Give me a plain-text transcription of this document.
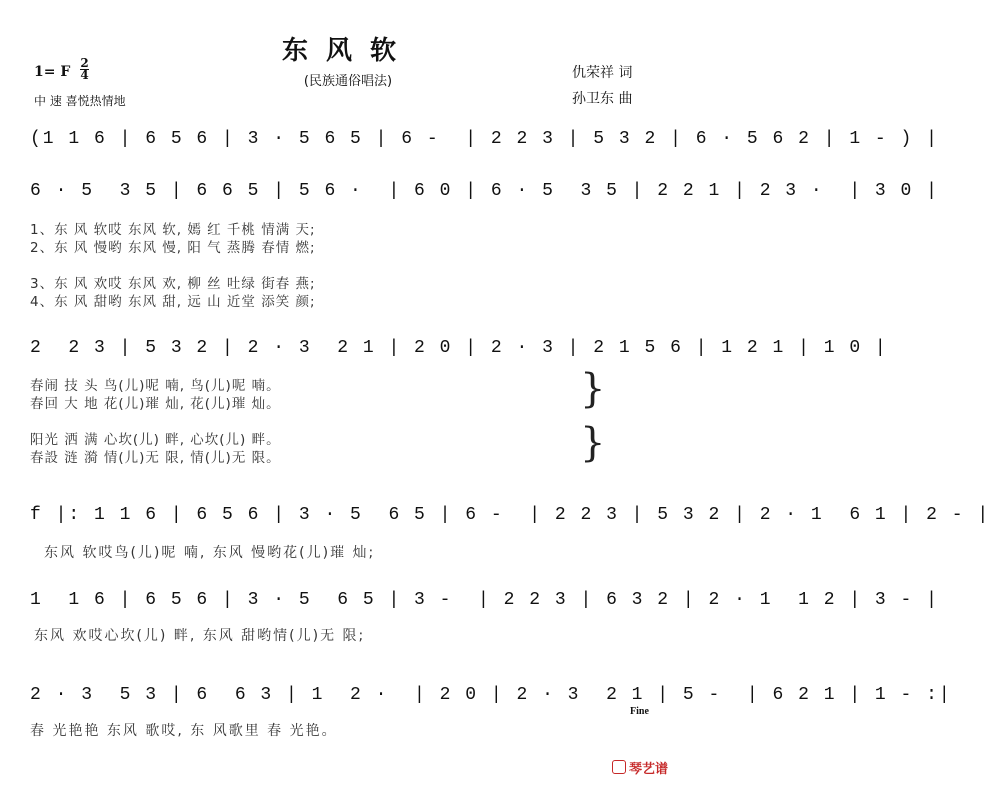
东风软
(民族通俗唱法)
1= F
2
4
中 速 喜悦热情地
仇荣祥 词
孙卫东 曲
(1 1 6 | 6 5 6 | 3 · 5 6 5 | 6 -  | 2 2 3 | 5 3 2 | 6 · 5 6 2 | 1 - ) |
6 · 5  3 5 | 6 6 5 | 5 6 ·  | 6 0 | 6 · 5  3 5 | 2 2 1 | 2 3 ·  | 3 0 |
1、东 风 软哎 东风 软, 嫣 红 千桃 情满 天;
2、东 风 慢哟 东风 慢, 阳 气 蒸腾 春情 燃;
3、东 风 欢哎 东风 欢, 柳 丝 吐绿 街春 燕;
4、东 风 甜哟 东风 甜, 远 山 近堂 添笑 颜;
2  2 3 | 5 3 2 | 2 · 3  2 1 | 2 0 | 2 · 3 | 2 1 5 6 | 1 2 1 | 1 0 |
春闹 技 头 鸟(儿)呢 喃, 鸟(儿)呢 喃。
春回 大 地 花(儿)璀 灿, 花(儿)璀 灿。
阳光 洒 满 心坎(儿) 畔, 心坎(儿) 畔。
春設 涟 漪 情(儿)无 限, 情(儿)无 限。
}
}
f |: 1 1 6 | 6 5 6 | 3 · 5  6 5 | 6 -  | 2 2 3 | 5 3 2 | 2 · 1  6 1 | 2 - |
东风 软哎鸟(儿)呢 喃, 东风 慢哟花(儿)璀 灿;
1  1 6 | 6 5 6 | 3 · 5  6 5 | 3 -  | 2 2 3 | 6 3 2 | 2 · 1  1 2 | 3 - |
东风 欢哎心坎(儿) 畔, 东风 甜哟情(儿)无 限;
2 · 3  5 3 | 6  6 3 | 1  2 ·  | 2 0 | 2 · 3  2 1 | 5 -  | 6 2 1 | 1 - :|
春 光艳艳 东风 歌哎, 东 风歌里 春 光艳。
Fine
琴艺谱
